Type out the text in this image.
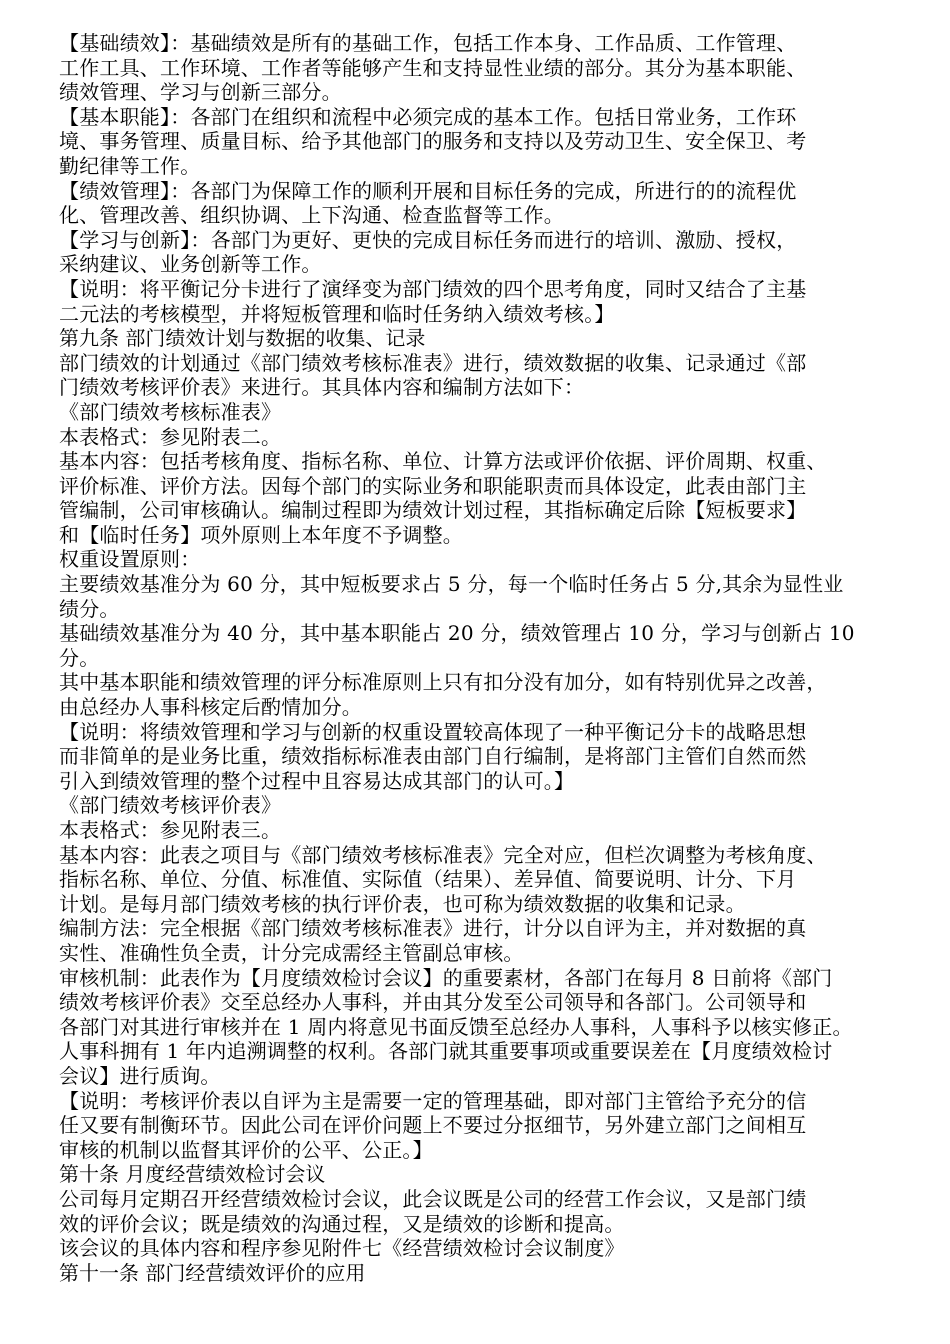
【基础绩效】：基础绩效是所有的基础工作，包括工作本身、工作品质、工作管理、
工作工具、工作环境、工作者等能够产生和支持显性业绩的部分。其分为基本职能、
绩效管理、学习与创新三部分。
【基本职能】：各部门在组织和流程中必须完成的基本工作。包括日常业务，工作环
境、事务管理、质量目标、给予其他部门的服务和支持以及劳动卫生、安全保卫、考
勤纪律等工作。
【绩效管理】：各部门为保障工作的顺利开展和目标任务的完成，所进行的的流程优
化、管理改善、组织协调、上下沟通、检查监督等工作。
【学习与创新】：各部门为更好、更快的完成目标任务而进行的培训、激励、授权，
采纳建议、业务创新等工作。
【说明：将平衡记分卡进行了演绎变为部门绩效的四个思考角度，同时又结合了主基
二元法的考核模型，并将短板管理和临时任务纳入绩效考核。】
第九条 部门绩效计划与数据的收集、记录
部门绩效的计划通过《部门绩效考核标准表》进行，绩效数据的收集、记录通过《部
门绩效考核评价表》来进行。其具体内容和编制方法如下：
《部门绩效考核标准表》
本表格式：参见附表二。
基本内容：包括考核角度、指标名称、单位、计算方法或评价依据、评价周期、权重、
评价标准、评价方法。因每个部门的实际业务和职能职责而具体设定，此表由部门主
管编制，公司审核确认。编制过程即为绩效计划过程，其指标确定后除【短板要求】
和【临时任务】项外原则上本年度不予调整。
权重设置原则：
主要绩效基准分为 60 分，其中短板要求占 5 分，每一个临时任务占 5 分,其余为显性业
绩分。
基础绩效基准分为 40 分，其中基本职能占 20 分，绩效管理占 10 分，学习与创新占 10
分。
其中基本职能和绩效管理的评分标准原则上只有扣分没有加分，如有特别优异之改善，
由总经办人事科核定后酌情加分。
【说明：将绩效管理和学习与创新的权重设置较高体现了一种平衡记分卡的战略思想
而非简单的是业务比重，绩效指标标准表由部门自行编制，是将部门主管们自然而然
引入到绩效管理的整个过程中且容易达成其部门的认可。】
《部门绩效考核评价表》
本表格式：参见附表三。
基本内容：此表之项目与《部门绩效考核标准表》完全对应，但栏次调整为考核角度、
指标名称、单位、分值、标准值、实际值（结果）、差异值、简要说明、计分、下月
计划。是每月部门绩效考核的执行评价表，也可称为绩效数据的收集和记录。
编制方法：完全根据《部门绩效考核标准表》进行，计分以自评为主，并对数据的真
实性、准确性负全责，计分完成需经主管副总审核。
审核机制：此表作为【月度绩效检讨会议】的重要素材，各部门在每月 8 日前将《部门
绩效考核评价表》交至总经办人事科，并由其分发至公司领导和各部门。公司领导和
各部门对其进行审核并在 1 周内将意见书面反馈至总经办人事科，人事科予以核实修正。
人事科拥有 1 年内追溯调整的权利。各部门就其重要事项或重要误差在【月度绩效检讨
会议】进行质询。
【说明：考核评价表以自评为主是需要一定的管理基础，即对部门主管给予充分的信
任又要有制衡环节。因此公司在评价问题上不要过分抠细节，另外建立部门之间相互
审核的机制以监督其评价的公平、公正。】
第十条 月度经营绩效检讨会议
公司每月定期召开经营绩效检讨会议，此会议既是公司的经营工作会议，又是部门绩
效的评价会议；既是绩效的沟通过程，又是绩效的诊断和提高。
该会议的具体内容和程序参见附件七《经营绩效检讨会议制度》
第十一条 部门经营绩效评价的应用
